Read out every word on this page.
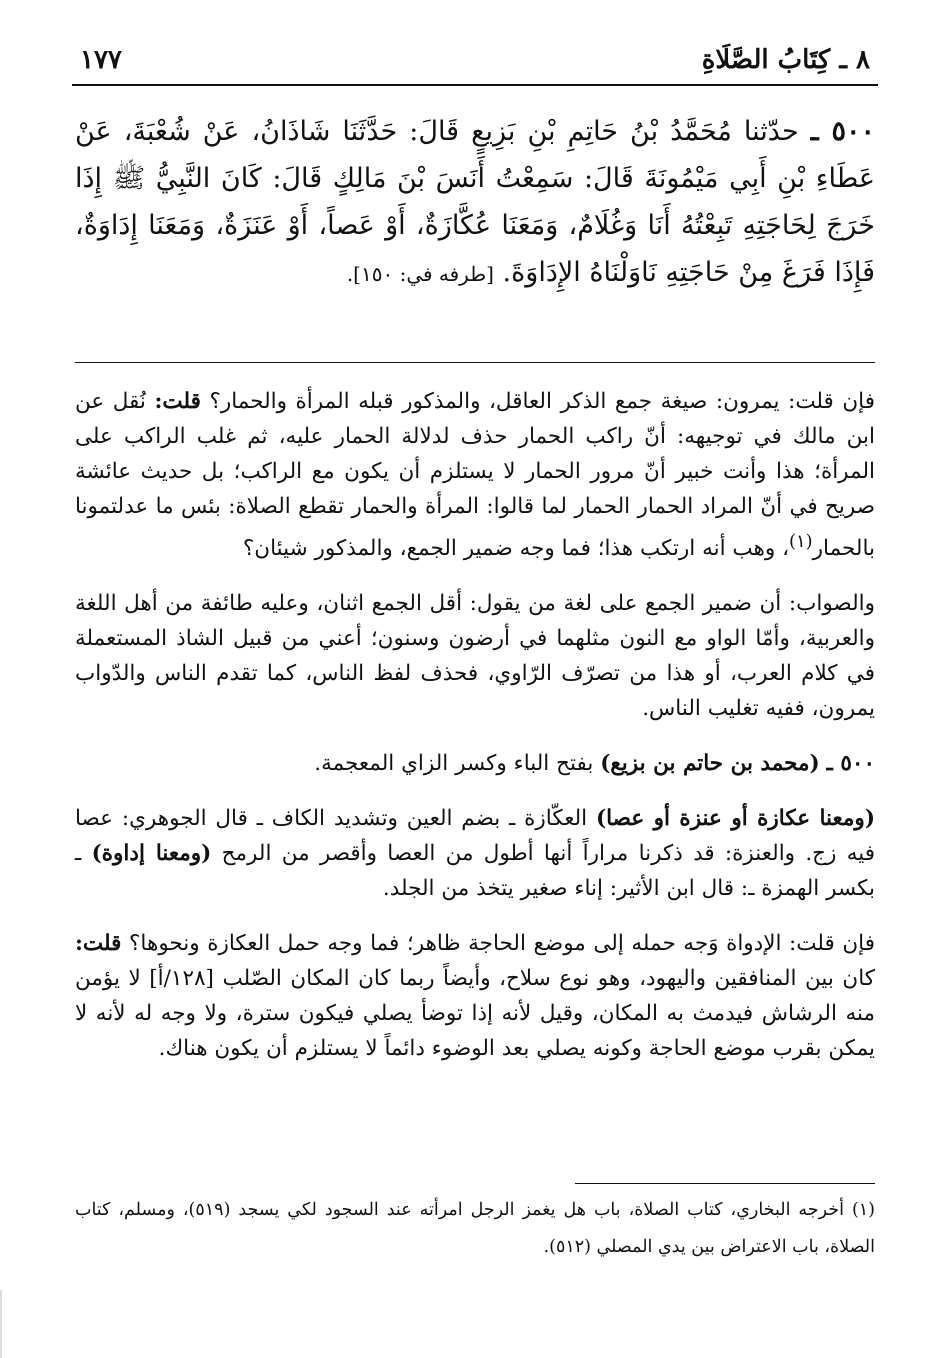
٨ ـ كِتَابُ الصَّلَاةِ
١٧٧
٥٠٠ ـ حدّثنا مُحَمَّدُ بْنُ حَاتِمِ بْنِ بَزِيعٍ قَالَ: حَدَّثَنَا شَاذَانُ، عَنْ شُعْبَةَ، عَنْ عَطَاءِ بْنِ أَبِي مَيْمُونَةَ قَالَ: سَمِعْتُ أَنَسَ بْنَ مَالِكٍ قَالَ: كَانَ النَّبِيُّ ﷺ إِذَا خَرَجَ لِحَاجَتِهِ تَبِعْتُهُ أَنَا وَغُلَامٌ، وَمَعَنَا عُكَّازَةٌ، أَوْ عَصاً، أَوْ عَنَزَةٌ، وَمَعَنَا إِدَاوَةٌ، فَإِذَا فَرَغَ مِنْ حَاجَتِهِ نَاوَلْنَاهُ الإِدَاوَةَ. [طرفه في: ١٥٠].

فإن قلت: يمرون: صيغة جمع الذكر العاقل، والمذكور قبله المرأة والحمار؟ قلت: نُقل عن ابن مالك في توجيهه: أنّ راكب الحمار حذف لدلالة الحمار عليه، ثم غلب الراكب على المرأة؛ هذا وأنت خبير أنّ مرور الحمار لا يستلزم أن يكون مع الراكب؛ بل حديث عائشة صريح في أنّ المراد الحمار الحمار لما قالوا: المرأة والحمار تقطع الصلاة: بئس ما عدلتمونا بالحمار$^{(١)}$، وهب أنه ارتكب هذا؛ فما وجه ضمير الجمع، والمذكور شيئان؟

والصواب: أن ضمير الجمع على لغة من يقول: أقل الجمع اثنان، وعليه طائفة من أهل اللغة والعربية، وأمّا الواو مع النون مثلهما في أرضون وسنون؛ أعني من قبيل الشاذ المستعملة في كلام العرب، أو هذا من تصرّف الرّاوي، فحذف لفظ الناس، كما تقدم الناس والدّواب يمرون، ففيه تغليب الناس.

٥٠٠ ـ (محمد بن حاتم بن بزيع) بفتح الباء وكسر الزاي المعجمة.

(ومعنا عكازة أو عنزة أو عصا) العكّازة ـ بضم العين وتشديد الكاف ـ قال الجوهري: عصا فيه زج. والعنزة: قد ذكرنا مراراً أنها أطول من العصا وأقصر من الرمح (ومعنا إداوة) ـ بكسر الهمزة ـ: قال ابن الأثير: إناء صغير يتخذ من الجلد.

فإن قلت: الإدواة وَجه حمله إلى موضع الحاجة ظاهر؛ فما وجه حمل العكازة ونحوها؟ قلت: كان بين المنافقين واليهود، وهو نوع سلاح، وأيضاً ربما كان المكان الصّلب [١٢٨/أ] لا يؤمن منه الرشاش فيدمث به المكان، وقيل لأنه إذا توضأ يصلي فيكون سترة، ولا وجه له لأنه لا يمكن بقرب موضع الحاجة وكونه يصلي بعد الوضوء دائماً لا يستلزم أن يكون هناك.

(١) أخرجه البخاري، كتاب الصلاة، باب هل يغمز الرجل امرأته عند السجود لكي يسجد (٥١٩)، ومسلم، كتاب الصلاة، باب الاعتراض بين يدي المصلي (٥١٢).
